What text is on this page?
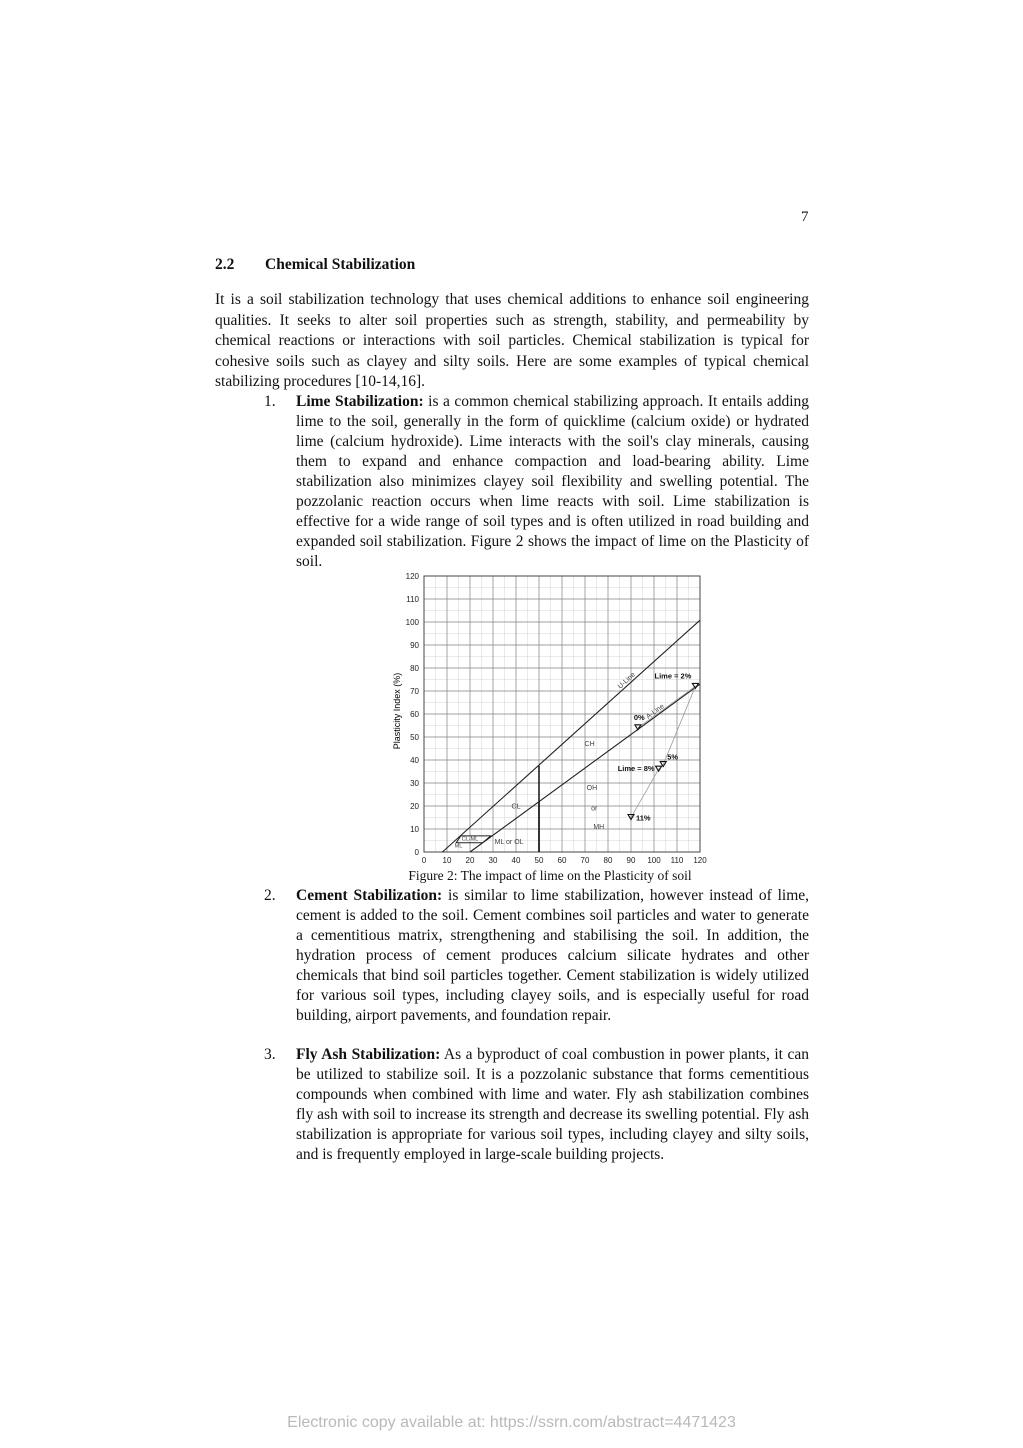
7
2.2 Chemical Stabilization
It is a soil stabilization technology that uses chemical additions to enhance soil engineering qualities. It seeks to alter soil properties such as strength, stability, and permeability by chemical reactions or interactions with soil particles. Chemical stabilization is typical for cohesive soils such as clayey and silty soils. Here are some examples of typical chemical stabilizing procedures [10-14,16].
1. Lime Stabilization: is a common chemical stabilizing approach. It entails adding lime to the soil, generally in the form of quicklime (calcium oxide) or hydrated lime (calcium hydroxide). Lime interacts with the soil's clay minerals, causing them to expand and enhance compaction and load-bearing ability. Lime stabilization also minimizes clayey soil flexibility and swelling potential. The pozzolanic reaction occurs when lime reacts with soil. Lime stabilization is effective for a wide range of soil types and is often utilized in road building and expanded soil stabilization. Figure 2 shows the impact of lime on the Plasticity of soil.
U-Line
A-Line
Lime = 2%
0%
5%
Lime = 8%
11%
0 10 20 30 40 50 60 70 80 90 100 110 120
0
10
20
30
40
50
60
70
80
90
100
110
120
CH
OH
or
MH
CL
ML or OL
CL-ML
ML
Plasticity Index (%)
Figure 2: The impact of lime on the Plasticity of soil
2. Cement Stabilization: is similar to lime stabilization, however instead of lime, cement is added to the soil. Cement combines soil particles and water to generate a cementitious matrix, strengthening and stabilising the soil. In addition, the hydration process of cement produces calcium silicate hydrates and other chemicals that bind soil particles together. Cement stabilization is widely utilized for various soil types, including clayey soils, and is especially useful for road building, airport pavements, and foundation repair.
3. Fly Ash Stabilization: As a byproduct of coal combustion in power plants, it can be utilized to stabilize soil. It is a pozzolanic substance that forms cementitious compounds when combined with lime and water. Fly ash stabilization combines fly ash with soil to increase its strength and decrease its swelling potential. Fly ash stabilization is appropriate for various soil types, including clayey and silty soils, and is frequently employed in large-scale building projects.
Electronic copy available at: https://ssrn.com/abstract=4471423
